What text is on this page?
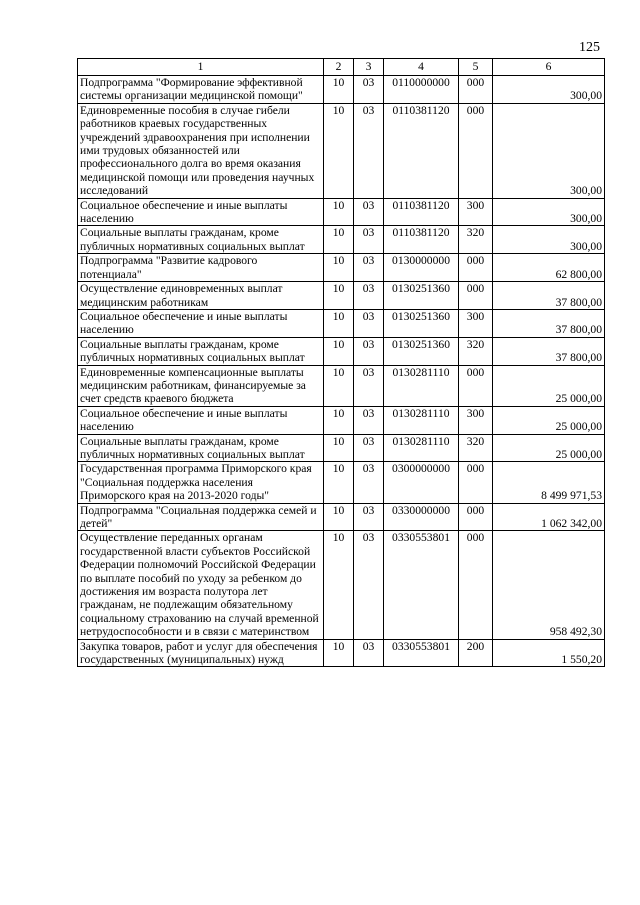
125
1	2	3	4	5	6
Подпрограмма "Формирование эффективной системы организации медицинской помощи"	10	03	0110000000	000	300,00
Единовременные пособия в случае гибели работников краевых государственных учреждений здравоохранения при исполнении ими трудовых обязанностей или профессионального долга во время оказания медицинской помощи или проведения научных исследований	10	03	0110381120	000	300,00
Социальное обеспечение и иные выплаты населению	10	03	0110381120	300	300,00
Социальные выплаты гражданам, кроме публичных нормативных социальных выплат	10	03	0110381120	320	300,00
Подпрограмма "Развитие кадрового потенциала"	10	03	0130000000	000	62 800,00
Осуществление единовременных выплат медицинским работникам	10	03	0130251360	000	37 800,00
Социальное обеспечение и иные выплаты населению	10	03	0130251360	300	37 800,00
Социальные выплаты гражданам, кроме публичных нормативных социальных выплат	10	03	0130251360	320	37 800,00
Единовременные компенсационные выплаты медицинским работникам, финансируемые за счет средств краевого бюджета	10	03	0130281110	000	25 000,00
Социальное обеспечение и иные выплаты населению	10	03	0130281110	300	25 000,00
Социальные выплаты гражданам, кроме публичных нормативных социальных выплат	10	03	0130281110	320	25 000,00
Государственная программа Приморского края "Социальная поддержка населения Приморского края на 2013-2020 годы"	10	03	0300000000	000	8 499 971,53
Подпрограмма "Социальная поддержка семей и детей"	10	03	0330000000	000	1 062 342,00
Осуществление переданных органам государственной власти субъектов Российской Федерации полномочий Российской Федерации по выплате пособий по уходу за ребенком до достижения им возраста полутора лет гражданам, не подлежащим обязательному социальному страхованию на случай временной нетрудоспособности и в связи с материнством	10	03	0330553801	000	958 492,30
Закупка товаров, работ и услуг для обеспечения государственных (муниципальных) нужд	10	03	0330553801	200	1 550,20
